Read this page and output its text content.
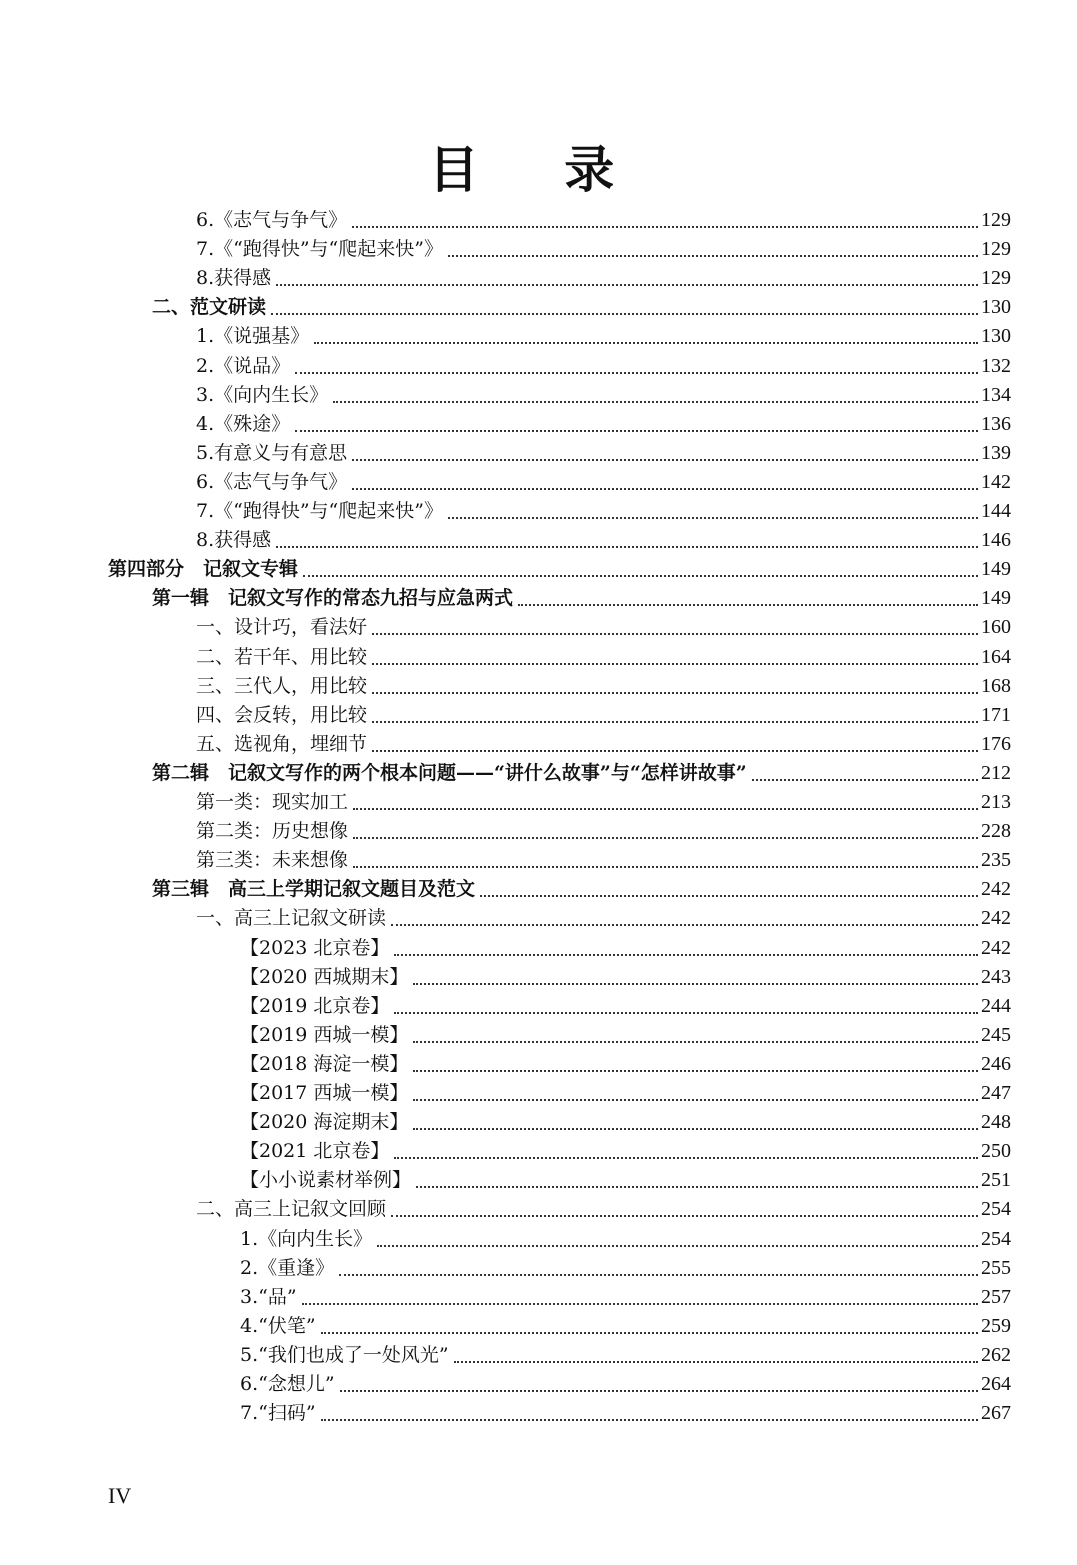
目 录
6.《志气与争气》	129
7.《“跑得快”与“爬起来快”》	129
8.获得感	129
二、范文研读	130
1.《说强基》	130
2.《说品》	132
3.《向内生长》	134
4.《殊途》	136
5.有意义与有意思	139
6.《志气与争气》	142
7.《“跑得快”与“爬起来快”》	144
8.获得感	146
第四部分　记叙文专辑	149
第一辑　记叙文写作的常态九招与应急两式	149
一、设计巧，看法好	160
二、若干年、用比较	164
三、三代人，用比较	168
四、会反转，用比较	171
五、选视角，埋细节	176
第二辑　记叙文写作的两个根本问题——“讲什么故事”与“怎样讲故事”	212
第一类：现实加工	213
第二类：历史想像	228
第三类：未来想像	235
第三辑　高三上学期记叙文题目及范文	242
一、高三上记叙文研读	242
【2023 北京卷】	242
【2020 西城期末】	243
【2019 北京卷】	244
【2019 西城一模】	245
【2018 海淀一模】	246
【2017 西城一模】	247
【2020 海淀期末】	248
【2021 北京卷】	250
【小小说素材举例】	251
二、高三上记叙文回顾	254
1.《向内生长》	254
2.《重逢》	255
3.“品”	257
4.“伏笔”	259
5.“我们也成了一处风光”	262
6.“念想儿”	264
7.“扫码”	267
IV
